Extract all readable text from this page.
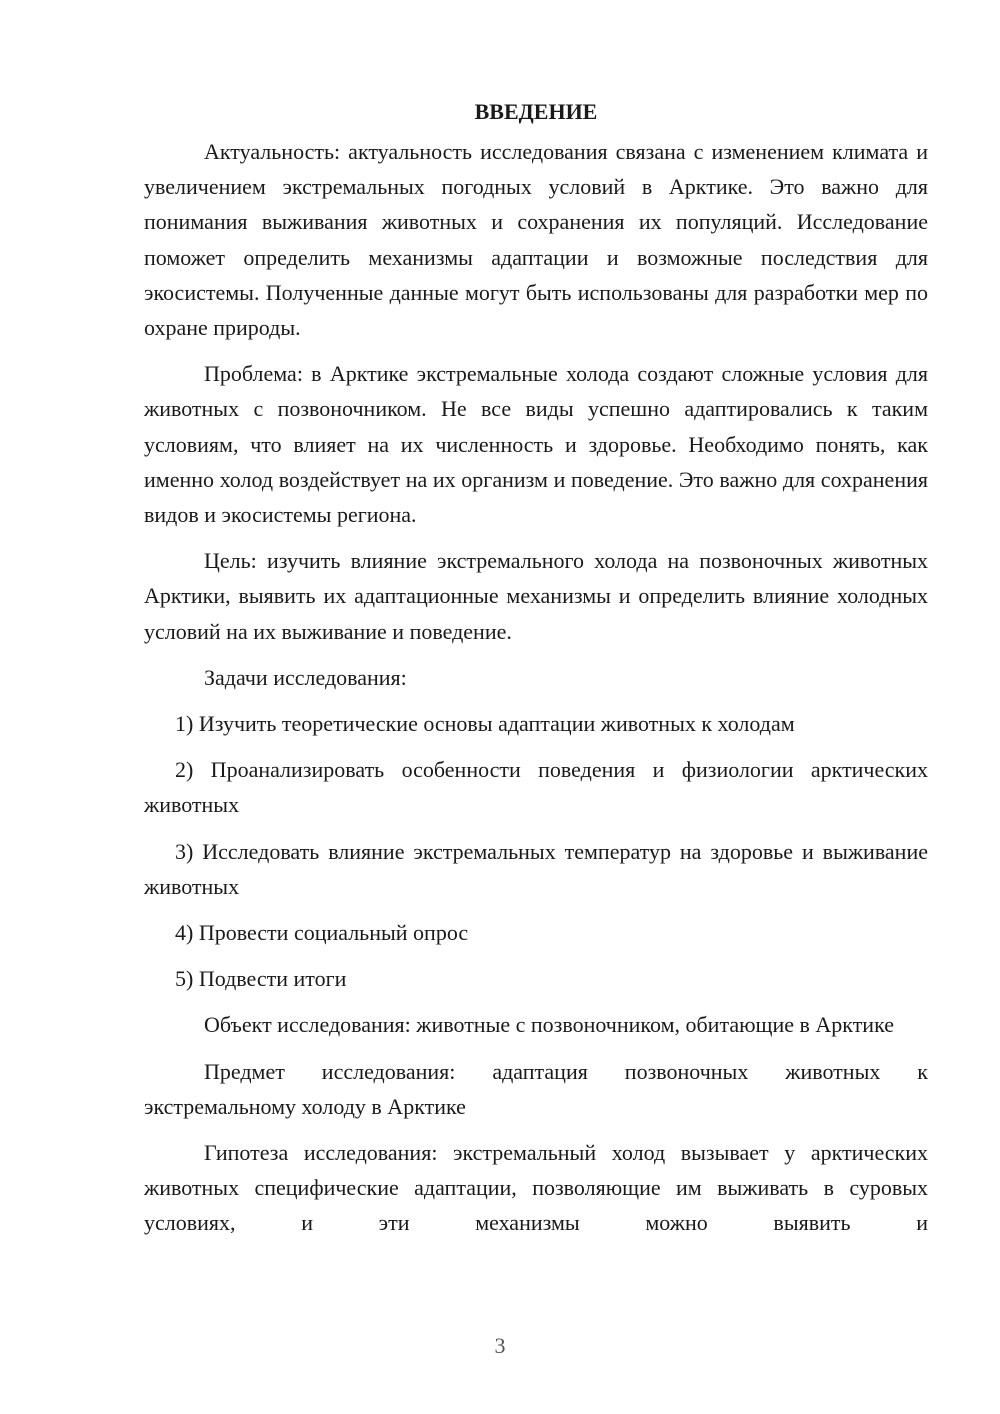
ВВЕДЕНИЕ

Актуальность: актуальность исследования связана с изменением климата и увеличением экстремальных погодных условий в Арктике. Это важно для понимания выживания животных и сохранения их популяций. Исследование поможет определить механизмы адаптации и возможные последствия для экосистемы. Полученные данные могут быть использованы для разработки мер по охране природы.

Проблема: в Арктике экстремальные холода создают сложные условия для животных с позвоночником. Не все виды успешно адаптировались к таким условиям, что влияет на их численность и здоровье. Необходимо понять, как именно холод воздействует на их организм и поведение. Это важно для сохранения видов и экосистемы региона.

Цель: изучить влияние экстремального холода на позвоночных животных Арктики, выявить их адаптационные механизмы и определить влияние холодных условий на их выживание и поведение.

Задачи исследования:

1) Изучить теоретические основы адаптации животных к холодам

2) Проанализировать особенности поведения и физиологии арктических животных

3) Исследовать влияние экстремальных температур на здоровье и выживание животных

4) Провести социальный опрос

5) Подвести итоги

Объект исследования: животные с позвоночником, обитающие в Арктике

Предмет исследования: адаптация позвоночных животных к экстремальному холоду в Арктике

Гипотеза исследования: экстремальный холод вызывает у арктических животных специфические адаптации, позволяющие им выживать в суровых условиях, и эти механизмы можно выявить и

3
